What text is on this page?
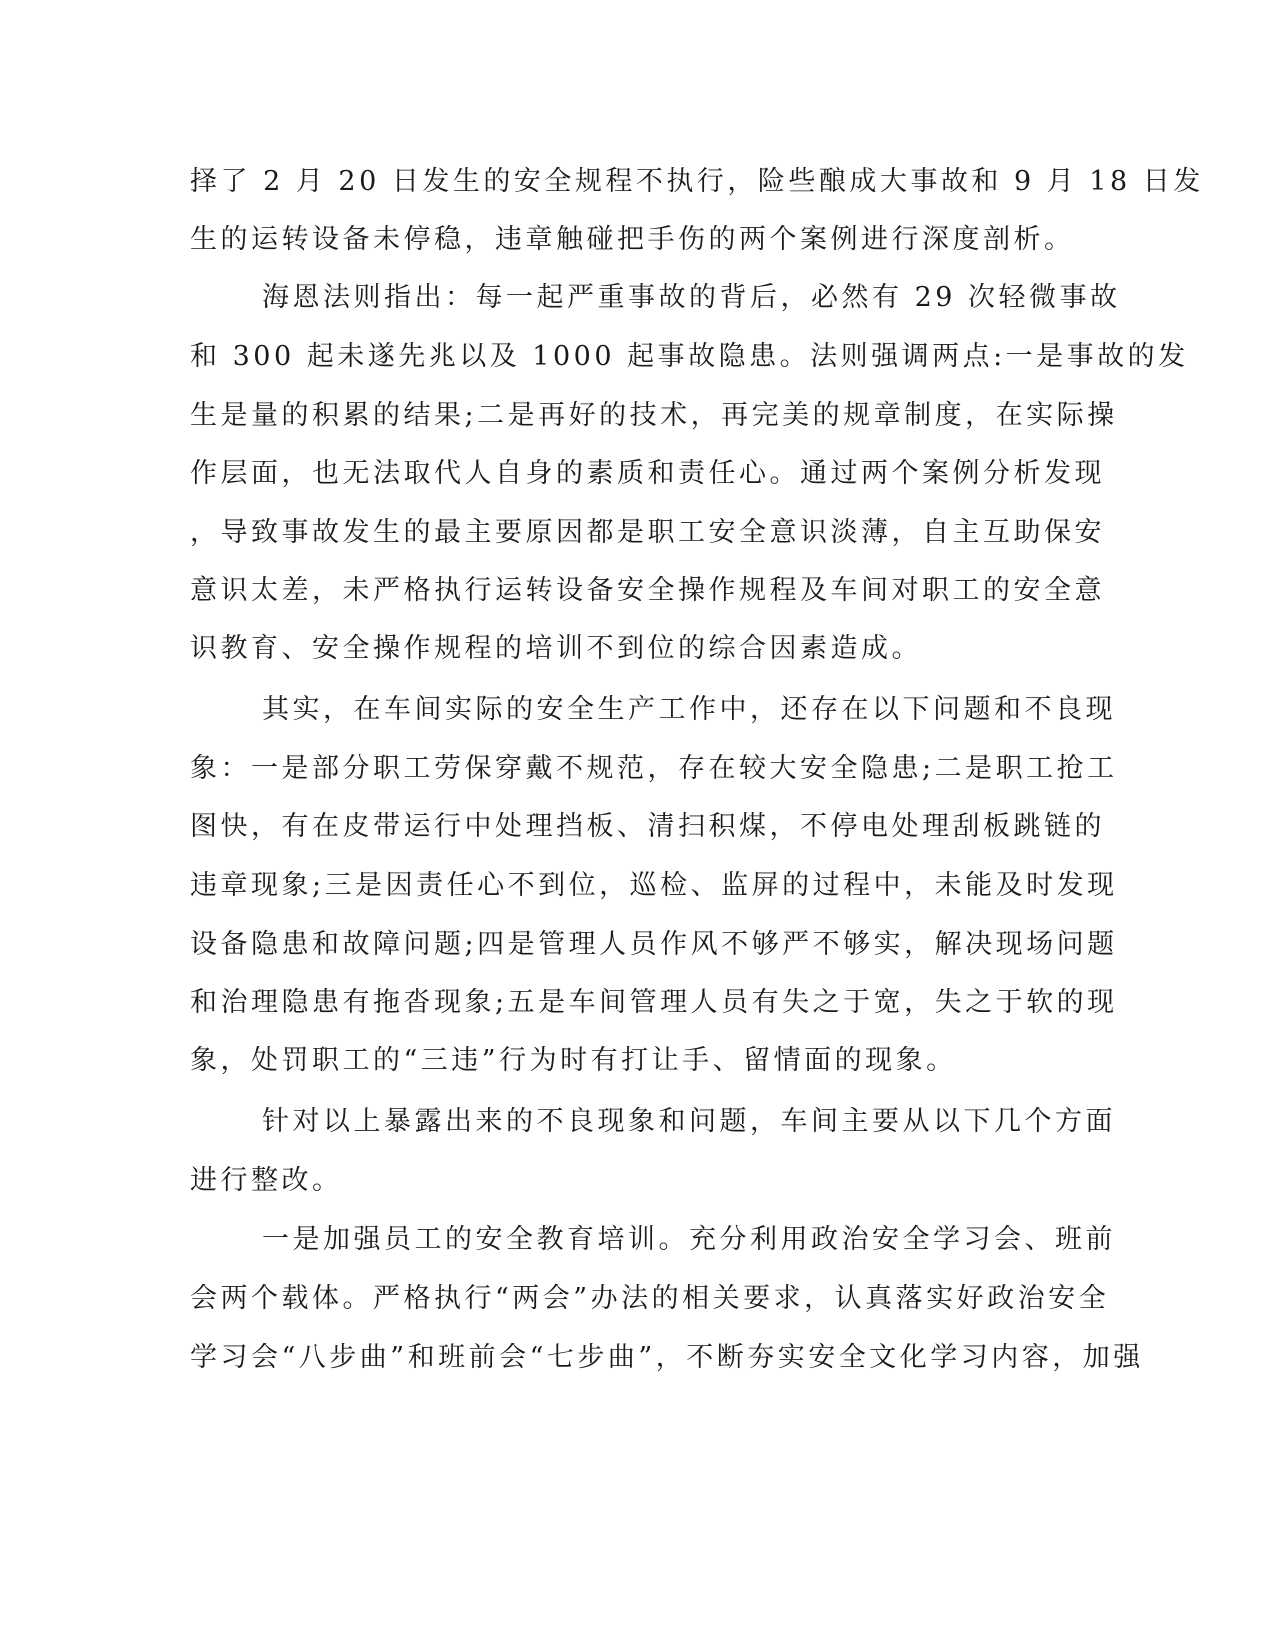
择了 2 月 20 日发生的安全规程不执行，险些酿成大事故和 9 月 18 日发
生的运转设备未停稳，违章触碰把手伤的两个案例进行深度剖析。
海恩法则指出：每一起严重事故的背后，必然有 29 次轻微事故
和 300 起未遂先兆以及 1000 起事故隐患。法则强调两点:一是事故的发
生是量的积累的结果;二是再好的技术，再完美的规章制度，在实际操
作层面，也无法取代人自身的素质和责任心。通过两个案例分析发现
，导致事故发生的最主要原因都是职工安全意识淡薄，自主互助保安
意识太差，未严格执行运转设备安全操作规程及车间对职工的安全意
识教育、安全操作规程的培训不到位的综合因素造成。
其实，在车间实际的安全生产工作中，还存在以下问题和不良现
象：一是部分职工劳保穿戴不规范，存在较大安全隐患;二是职工抢工
图快，有在皮带运行中处理挡板、清扫积煤，不停电处理刮板跳链的
违章现象;三是因责任心不到位，巡检、监屏的过程中，未能及时发现
设备隐患和故障问题;四是管理人员作风不够严不够实，解决现场问题
和治理隐患有拖沓现象;五是车间管理人员有失之于宽，失之于软的现
象，处罚职工的“三违”行为时有打让手、留情面的现象。
针对以上暴露出来的不良现象和问题，车间主要从以下几个方面
进行整改。
一是加强员工的安全教育培训。充分利用政治安全学习会、班前
会两个载体。严格执行“两会”办法的相关要求，认真落实好政治安全
学习会“八步曲”和班前会“七步曲”，不断夯实安全文化学习内容，加强
